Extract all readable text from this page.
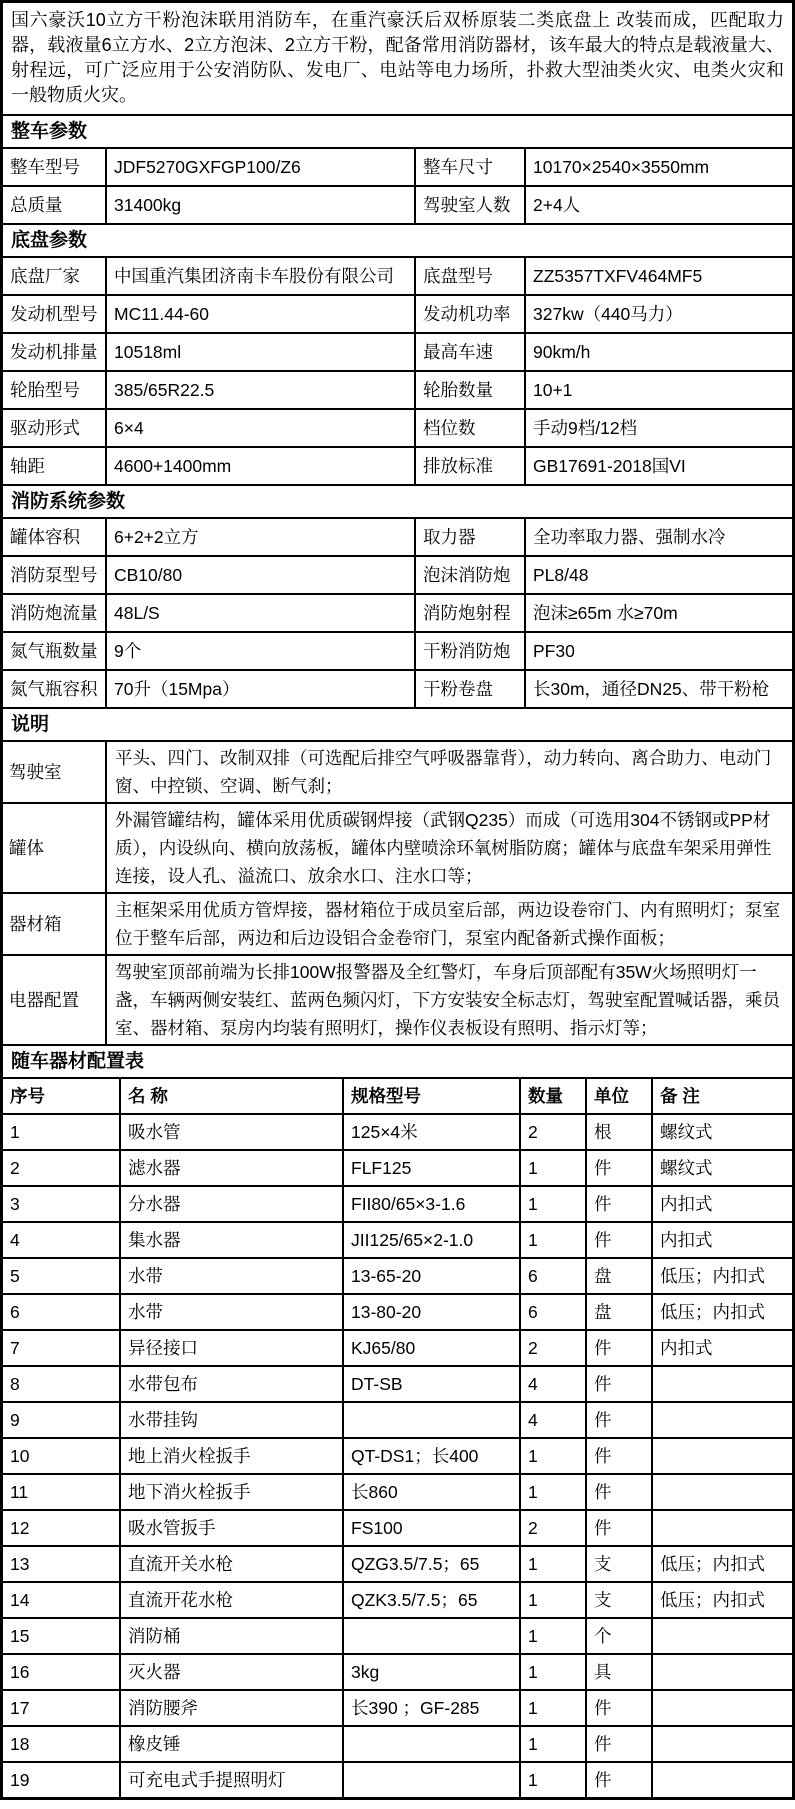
国六豪沃10立方干粉泡沫联用消防车，在重汽豪沃后双桥原装二类底盘上 改装而成，匹配取力器，载液量6立方水、2立方泡沫、2立方干粉，配备常用消防器材，该车最大的特点是载液量大、射程远，可广泛应用于公安消防队、发电厂、电站等电力场所，扑救大型油类火灾、电类火灾和一般物质火灾。
整车参数
整车型号	JDF5270GXFGP100/Z6	整车尺寸	10170×2540×3550mm
总质量	31400kg	驾驶室人数	2+4人
底盘参数
底盘厂家	中国重汽集团济南卡车股份有限公司	底盘型号	ZZ5357TXFV464MF5
发动机型号	MC11.44-60	发动机功率	327kw（440马力）
发动机排量	10518ml	最高车速	90km/h
轮胎型号	385/65R22.5	轮胎数量	10+1
驱动形式	6×4	档位数	手动9档/12档
轴距	4600+1400mm	排放标准	GB17691-2018国VI
消防系统参数
罐体容积	6+2+2立方	取力器	全功率取力器、强制水冷
消防泵型号	CB10/80	泡沫消防炮	PL8/48
消防炮流量	48L/S	消防炮射程	泡沫≥65m 水≥70m
氮气瓶数量	9个	干粉消防炮	PF30
氮气瓶容积	70升（15Mpa）	干粉卷盘	长30m，通径DN25、带干粉枪
说明
驾驶室	平头、四门、改制双排（可选配后排空气呼吸器靠背），动力转向、离合助力、电动门窗、中控锁、空调、断气刹；
罐体	外漏管罐结构，罐体采用优质碳钢焊接（武钢Q235）而成（可选用304不锈钢或PP材质），内设纵向、横向放荡板，罐体内壁喷涂环氧树脂防腐；罐体与底盘车架采用弹性连接，设人孔、溢流口、放余水口、注水口等；
器材箱	主框架采用优质方管焊接，器材箱位于成员室后部，两边设卷帘门、内有照明灯；泵室位于整车后部，两边和后边设铝合金卷帘门，泵室内配备新式操作面板；
电器配置	驾驶室顶部前端为长排100W报警器及全红警灯，车身后顶部配有35W火场照明灯一盏，车辆两侧安装红、蓝两色频闪灯，下方安装安全标志灯，驾驶室配置喊话器，乘员室、器材箱、泵房内均装有照明灯，操作仪表板设有照明、指示灯等；
随车器材配置表
序号	名 称	规格型号	数量	单位	备 注
1	吸水管	125×4米	2	根	螺纹式
2	滤水器	FLF125	1	件	螺纹式
3	分水器	FII80/65×3-1.6	1	件	内扣式
4	集水器	JII125/65×2-1.0	1	件	内扣式
5	水带	13-65-20	6	盘	低压；内扣式
6	水带	13-80-20	6	盘	低压；内扣式
7	异径接口	KJ65/80	2	件	内扣式
8	水带包布	DT-SB	4	件	
9	水带挂钩		4	件	
10	地上消火栓扳手	QT-DS1；长400	1	件	
11	地下消火栓扳手	长860	1	件	
12	吸水管扳手	FS100	2	件	
13	直流开关水枪	QZG3.5/7.5；65	1	支	低压；内扣式
14	直流开花水枪	QZK3.5/7.5；65	1	支	低压；内扣式
15	消防桶		1	个	
16	灭火器	3kg	1	具	
17	消防腰斧	长390 ；GF-285	1	件	
18	橡皮锤		1	件	
19	可充电式手提照明灯		1	件	
